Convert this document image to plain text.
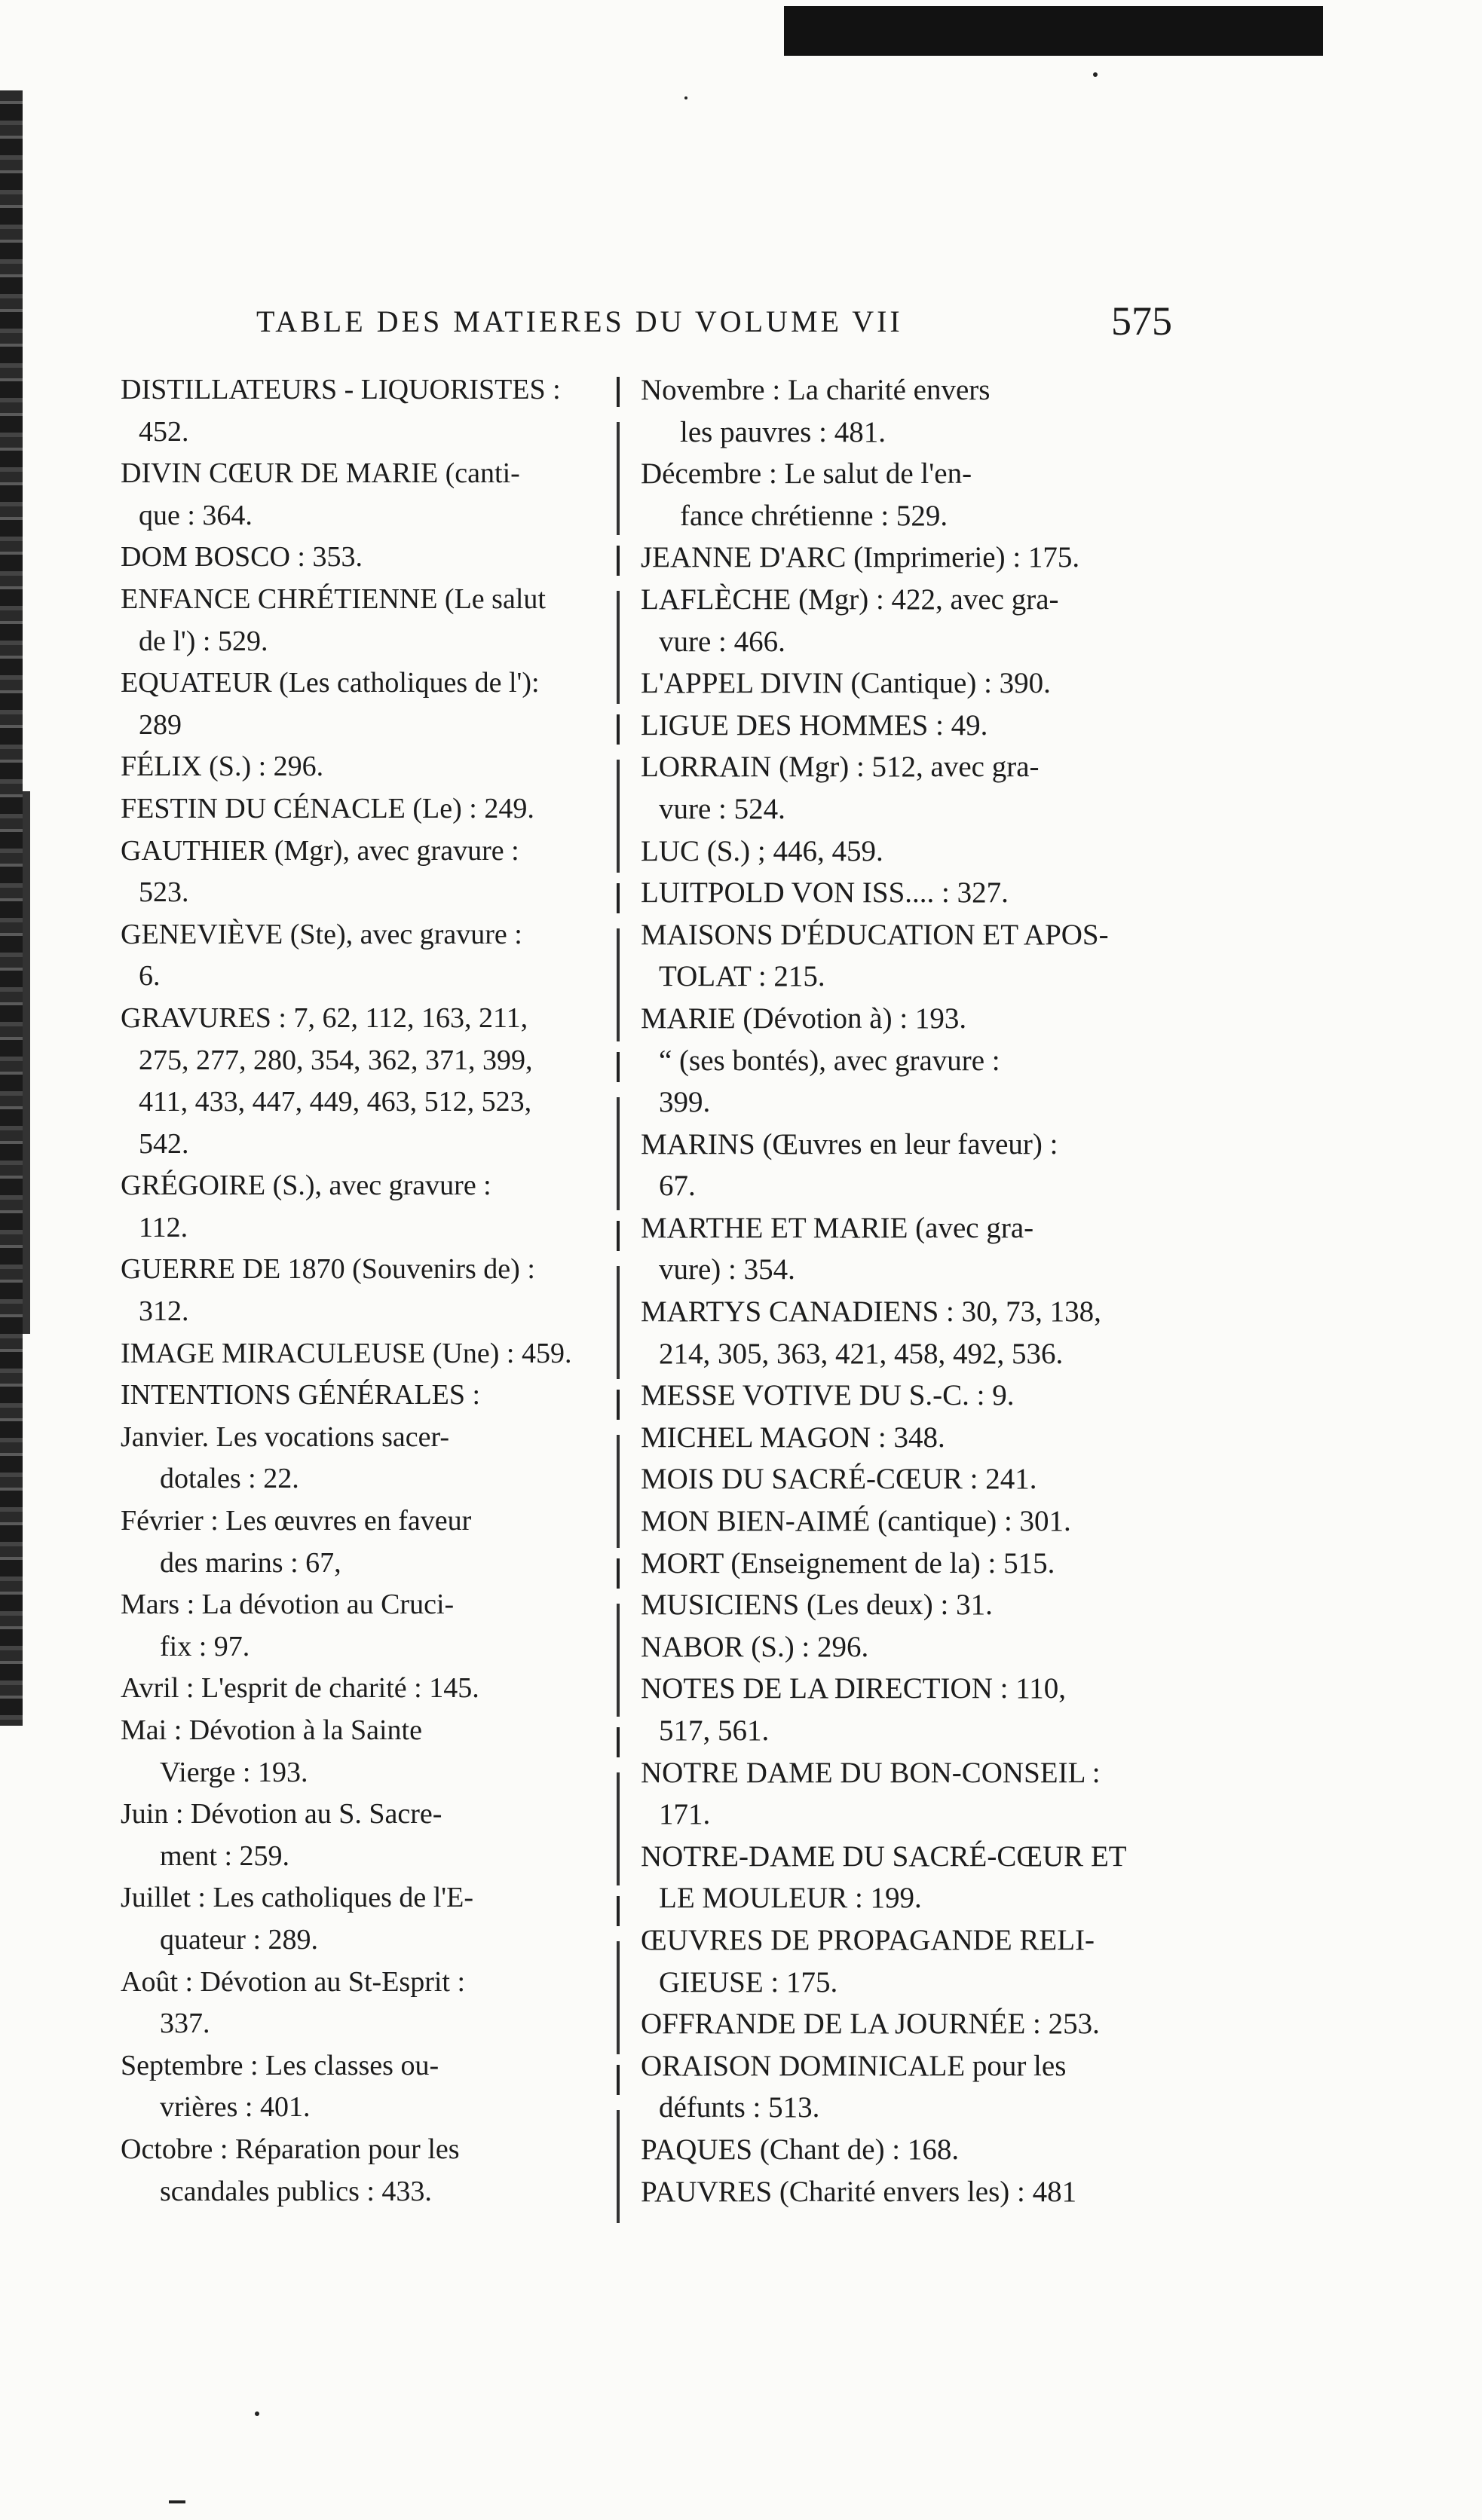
TABLE DES MATIERES DU VOLUME VII	575
DISTILLATEURS - LIQUORISTES :
452.
DIVIN CŒUR DE MARIE (canti-
que : 364.
DOM BOSCO : 353.
ENFANCE CHRÉTIENNE (Le salut
de l') : 529.
EQUATEUR (Les catholiques de l'):
289
FÉLIX (S.) : 296.
FESTIN DU CÉNACLE (Le) : 249.
GAUTHIER (Mgr), avec gravure :
523.
GENEVIÈVE (Ste), avec gravure :
6.
GRAVURES : 7, 62, 112, 163, 211,
275, 277, 280, 354, 362, 371, 399,
411, 433, 447, 449, 463, 512, 523,
542.
GRÉGOIRE (S.), avec gravure :
112.
GUERRE DE 1870 (Souvenirs de) :
312.
IMAGE MIRACULEUSE (Une) : 459.
INTENTIONS GÉNÉRALES :
Janvier. Les vocations sacer-
dotales : 22.
Février : Les œuvres en faveur
des marins : 67,
Mars : La dévotion au Cruci-
fix : 97.
Avril : L'esprit de charité : 145.
Mai : Dévotion à la Sainte
Vierge : 193.
Juin : Dévotion au S. Sacre-
ment : 259.
Juillet : Les catholiques de l'E-
quateur : 289.
Août : Dévotion au St-Esprit :
337.
Septembre : Les classes ou-
vrières : 401.
Octobre : Réparation pour les
scandales publics : 433.
Novembre : La charité envers
les pauvres : 481.
Décembre : Le salut de l'en-
fance chrétienne : 529.
JEANNE D'ARC (Imprimerie) : 175.
LAFLÈCHE (Mgr) : 422, avec gra-
vure : 466.
L'APPEL DIVIN (Cantique) : 390.
LIGUE DES HOMMES : 49.
LORRAIN (Mgr) : 512, avec gra-
vure : 524.
LUC (S.) ; 446, 459.
LUITPOLD VON ISS.... : 327.
MAISONS D'ÉDUCATION ET APOS-
TOLAT : 215.
MARIE (Dévotion à) : 193.
“ (ses bontés), avec gravure :
399.
MARINS (Œuvres en leur faveur) :
67.
MARTHE ET MARIE (avec gra-
vure) : 354.
MARTYS CANADIENS : 30, 73, 138,
214, 305, 363, 421, 458, 492, 536.
MESSE VOTIVE DU S.-C. : 9.
MICHEL MAGON : 348.
MOIS DU SACRÉ-CŒUR : 241.
MON BIEN-AIMÉ (cantique) : 301.
MORT (Enseignement de la) : 515.
MUSICIENS (Les deux) : 31.
NABOR (S.) : 296.
NOTES DE LA DIRECTION : 110,
517, 561.
NOTRE DAME DU BON-CONSEIL :
171.
NOTRE-DAME DU SACRÉ-CŒUR ET
LE MOULEUR : 199.
ŒUVRES DE PROPAGANDE RELI-
GIEUSE : 175.
OFFRANDE DE LA JOURNÉE : 253.
ORAISON DOMINICALE pour les
défunts : 513.
PAQUES (Chant de) : 168.
PAUVRES (Charité envers les) : 481
